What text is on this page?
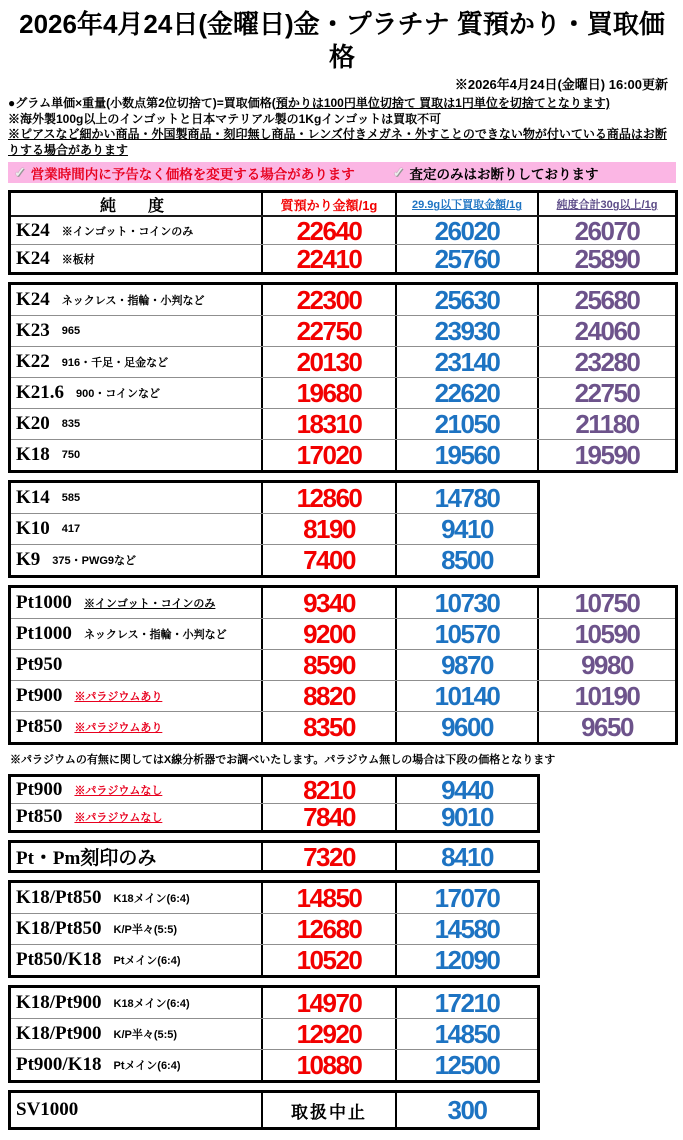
2026年4月24日(金曜日)金・プラチナ 質預かり・買取価格
※2026年4月24日(金曜日) 16:00更新
●グラム単価×重量(小数点第2位切捨て)=買取価格(預かりは100円単位切捨て 買取は1円単位を切捨てとなります)
※海外製100g以上のインゴットと日本マテリアル製の1Kgインゴットは買取不可
※ピアスなど細かい商品・外国製商品・刻印無し商品・レンズ付きメガネ・外すことのできない物が付いている商品はお断りする場合があります
✓ 営業時間内に予告なく価格を変更する場合があります	✓ 査定のみはお断りしております
純　度	質預かり金額/1g	29.9g以下買取金額/1g	純度合計30g以上/1g
K24 ※インゴット・コインのみ	22640	26020	26070
K24 ※板材	22410	25760	25890
K24 ネックレス・指輪・小判など	22300	25630	25680
K23 965	22750	23930	24060
K22 916・千足・足金など	20130	23140	23280
K21.6 900・コインなど	19680	22620	22750
K20 835	18310	21050	21180
K18 750	17020	19560	19590
K14 585	12860	14780
K10 417	8190	9410
K9 375・PWG9など	7400	8500
Pt1000 ※インゴット・コインのみ	9340	10730	10750
Pt1000 ネックレス・指輪・小判など	9200	10570	10590
Pt950	8590	9870	9980
Pt900 ※パラジウムあり	8820	10140	10190
Pt850 ※パラジウムあり	8350	9600	9650
※パラジウムの有無に関してはX線分析器でお調べいたします。パラジウム無しの場合は下段の価格となります
Pt900 ※パラジウムなし	8210	9440
Pt850 ※パラジウムなし	7840	9010
Pt・Pm刻印のみ	7320	8410
K18/Pt850 K18メイン(6:4)	14850	17070
K18/Pt850 K/P半々(5:5)	12680	14580
Pt850/K18 Ptメイン(6:4)	10520	12090
K18/Pt900 K18メイン(6:4)	14970	17210
K18/Pt900 K/P半々(5:5)	12920	14850
Pt900/K18 Ptメイン(6:4)	10880	12500
SV1000	取扱中止	300
